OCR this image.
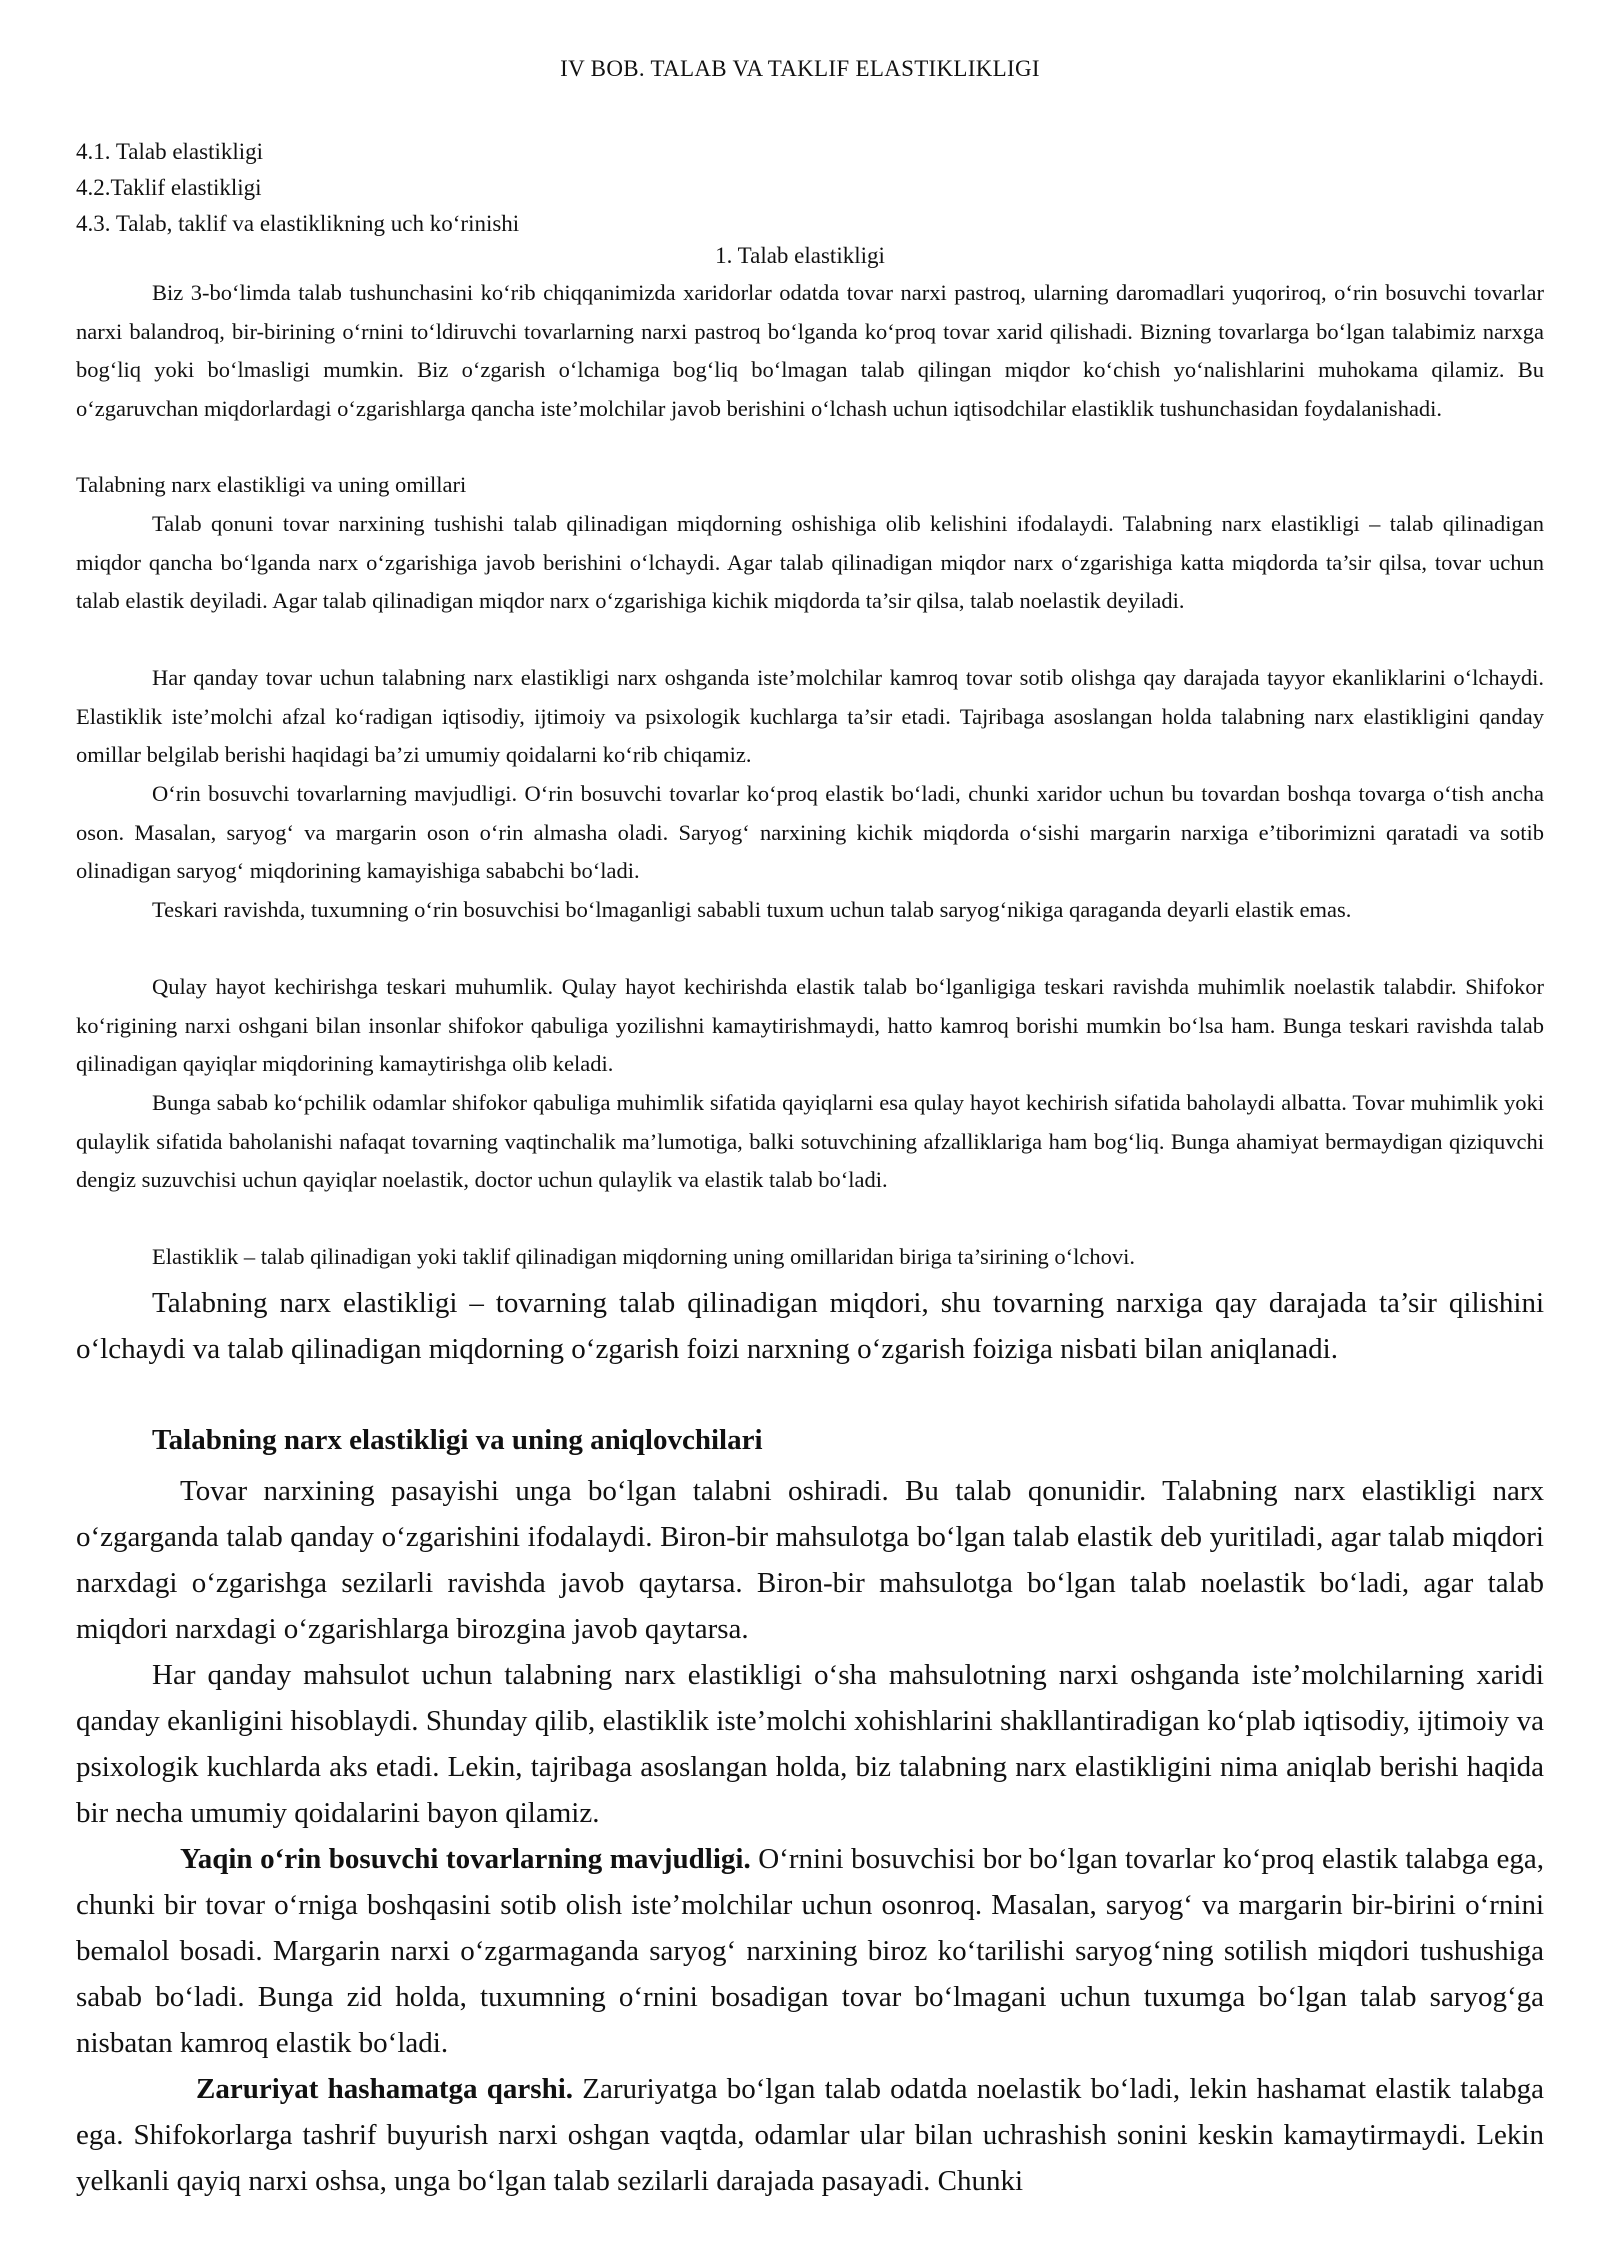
IV BOB. TALAB VA TAKLIF ELASTIKLIKLIGI
4.1. Talab elastikligi
4.2.Taklif elastikligi
4.3. Talab, taklif va elastiklikning uch ko‘rinishi
1. Talab elastikligi

Biz 3-bo‘limda talab tushunchasini ko‘rib chiqqanimizda xaridorlar odatda tovar narxi pastroq, ularning daromadlari yuqoriroq, o‘rin bosuvchi tovarlar narxi balandroq, bir-birining o‘rnini to‘ldiruvchi tovarlarning narxi pastroq bo‘lganda ko‘proq tovar xarid qilishadi. Bizning tovarlarga bo‘lgan talabimiz narxga bog‘liq yoki bo‘lmasligi mumkin. Biz o‘zgarish o‘lchamiga bog‘liq bo‘lmagan talab qilingan miqdor ko‘chish yo‘nalishlarini muhokama qilamiz. Bu o‘zgaruvchan miqdorlardagi o‘zgarishlarga qancha iste’molchilar javob berishini o‘lchash uchun iqtisodchilar elastiklik tushunchasidan foydalanishadi.

Talabning narx elastikligi va uning omillari

Talab qonuni tovar narxining tushishi talab qilinadigan miqdorning oshishiga olib kelishini ifodalaydi. Talabning narx elastikligi – talab qilinadigan miqdor qancha bo‘lganda narx o‘zgarishiga javob berishini o‘lchaydi. Agar talab qilinadigan miqdor narx o‘zgarishiga katta miqdorda ta’sir qilsa, tovar uchun talab elastik deyiladi. Agar talab qilinadigan miqdor narx o‘zgarishiga kichik miqdorda ta’sir qilsa, talab noelastik deyiladi.

Har qanday tovar uchun talabning narx elastikligi narx oshganda iste’molchilar kamroq tovar sotib olishga qay darajada tayyor ekanliklarini o‘lchaydi. Elastiklik iste’molchi afzal ko‘radigan iqtisodiy, ijtimoiy va psixologik kuchlarga ta’sir etadi. Tajribaga asoslangan holda talabning narx elastikligini qanday omillar belgilab berishi haqidagi ba’zi umumiy qoidalarni ko‘rib chiqamiz.

O‘rin bosuvchi tovarlarning mavjudligi. O‘rin bosuvchi tovarlar ko‘proq elastik bo‘ladi, chunki xaridor uchun bu tovardan boshqa tovarga o‘tish ancha oson. Masalan, saryog‘ va margarin oson o‘rin almasha oladi. Saryog‘ narxining kichik miqdorda o‘sishi margarin narxiga e’tiborimizni qaratadi va sotib olinadigan saryog‘ miqdorining kamayishiga sababchi bo‘ladi.

Teskari ravishda, tuxumning o‘rin bosuvchisi bo‘lmaganligi sababli tuxum uchun talab saryog‘nikiga qaraganda deyarli elastik emas.

Qulay hayot kechirishga teskari muhumlik. Qulay hayot kechirishda elastik talab bo‘lganligiga teskari ravishda muhimlik noelastik talabdir. Shifokor ko‘rigining narxi oshgani bilan insonlar shifokor qabuliga yozilishni kamaytirishmaydi, hatto kamroq borishi mumkin bo‘lsa ham. Bunga teskari ravishda talab qilinadigan qayiqlar miqdorining kamaytirishga olib keladi.

Bunga sabab ko‘pchilik odamlar shifokor qabuliga muhimlik sifatida qayiqlarni esa qulay hayot kechirish sifatida baholaydi albatta. Tovar muhimlik yoki qulaylik sifatida baholanishi nafaqat tovarning vaqtinchalik ma’lumotiga, balki sotuvchining afzalliklariga ham bog‘liq. Bunga ahamiyat bermaydigan qiziquvchi dengiz suzuvchisi uchun qayiqlar noelastik, doctor uchun qulaylik va elastik talab bo‘ladi.

Elastiklik – talab qilinadigan yoki taklif qilinadigan miqdorning uning omillaridan biriga ta’sirining o‘lchovi.

Talabning narx elastikligi – tovarning talab qilinadigan miqdori, shu tovarning narxiga qay darajada ta’sir qilishini o‘lchaydi va talab qilinadigan miqdorning o‘zgarish foizi narxning o‘zgarish foiziga nisbati bilan aniqlanadi.

Talabning narx elastikligi va uning aniqlovchilari

Tovar narxining pasayishi unga bo‘lgan talabni oshiradi. Bu talab qonunidir. Talabning narx elastikligi narx o‘zgarganda talab qanday o‘zgarishini ifodalaydi. Biron-bir mahsulotga bo‘lgan talab elastik deb yuritiladi, agar talab miqdori narxdagi o‘zgarishga sezilarli ravishda javob qaytarsa. Biron-bir mahsulotga bo‘lgan talab noelastik bo‘ladi, agar talab miqdori narxdagi o‘zgarishlarga birozgina javob qaytarsa.

Har qanday mahsulot uchun talabning narx elastikligi o‘sha mahsulotning narxi oshganda iste’molchilarning xaridi qanday ekanligini hisoblaydi. Shunday qilib, elastiklik iste’molchi xohishlarini shakllantiradigan ko‘plab iqtisodiy, ijtimoiy va psixologik kuchlarda aks etadi. Lekin, tajribaga asoslangan holda, biz talabning narx elastikligini nima aniqlab berishi haqida bir necha umumiy qoidalarini bayon qilamiz.

Yaqin o‘rin bosuvchi tovarlarning mavjudligi. O‘rnini bosuvchisi bor bo‘lgan tovarlar ko‘proq elastik talabga ega, chunki bir tovar o‘rniga boshqasini sotib olish iste’molchilar uchun osonroq. Masalan, saryog‘ va margarin bir-birini o‘rnini bemalol bosadi. Margarin narxi o‘zgarmaganda saryog‘ narxining biroz ko‘tarilishi saryog‘ning sotilish miqdori tushushiga sabab bo‘ladi. Bunga zid holda, tuxumning o‘rnini bosadigan tovar bo‘lmagani uchun tuxumga bo‘lgan talab saryog‘ga nisbatan kamroq elastik bo‘ladi.

Zaruriyat hashamatga qarshi. Zaruriyatga bo‘lgan talab odatda noelastik bo‘ladi, lekin hashamat elastik talabga ega. Shifokorlarga tashrif buyurish narxi oshgan vaqtda, odamlar ular bilan uchrashish sonini keskin kamaytirmaydi. Lekin yelkanli qayiq narxi oshsa, unga bo‘lgan talab sezilarli darajada pasayadi. Chunki
